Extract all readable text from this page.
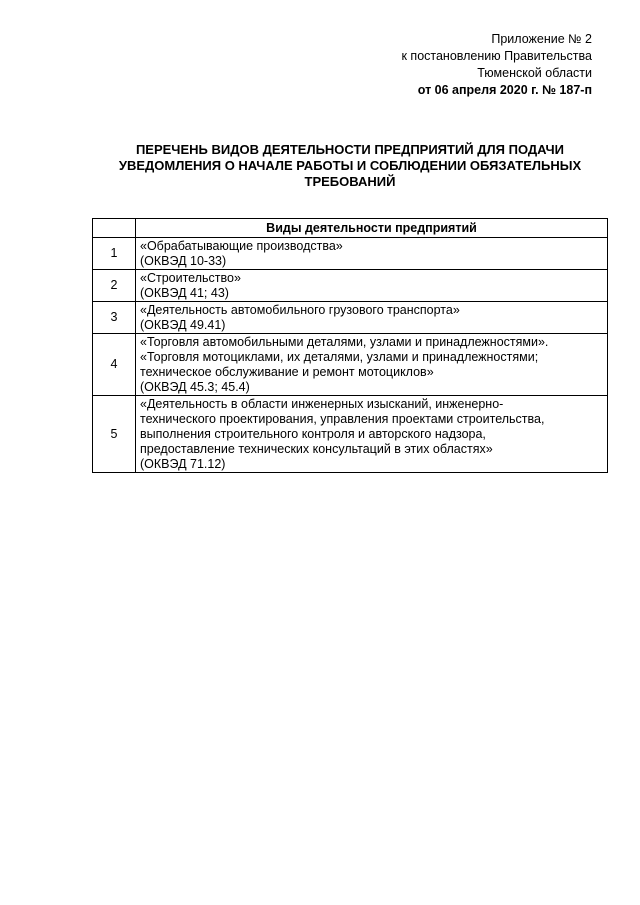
Приложение № 2
к постановлению Правительства
Тюменской области
от 06 апреля 2020 г. № 187-п
ПЕРЕЧЕНЬ ВИДОВ ДЕЯТЕЛЬНОСТИ ПРЕДПРИЯТИЙ ДЛЯ ПОДАЧИ
УВЕДОМЛЕНИЯ О НАЧАЛЕ РАБОТЫ И СОБЛЮДЕНИИ ОБЯЗАТЕЛЬНЫХ
ТРЕБОВАНИЙ
	Виды деятельности предприятий
1	«Обрабатывающие производства»
(ОКВЭД 10-33)

2	«Строительство»
(ОКВЭД 41; 43)

3	«Деятельность автомобильного грузового транспорта»
(ОКВЭД 49.41)

4	«Торговля автомобильными деталями, узлами и принадлежностями».
«Торговля мотоциклами, их деталями, узлами и принадлежностями;
техническое обслуживание и ремонт мотоциклов»
(ОКВЭД 45.3; 45.4)

5	«Деятельность в области инженерных изысканий, инженерно-
технического проектирования, управления проектами строительства,
выполнения строительного контроля и авторского надзора,
предоставление технических консультаций в этих областях»
(ОКВЭД 71.12)
